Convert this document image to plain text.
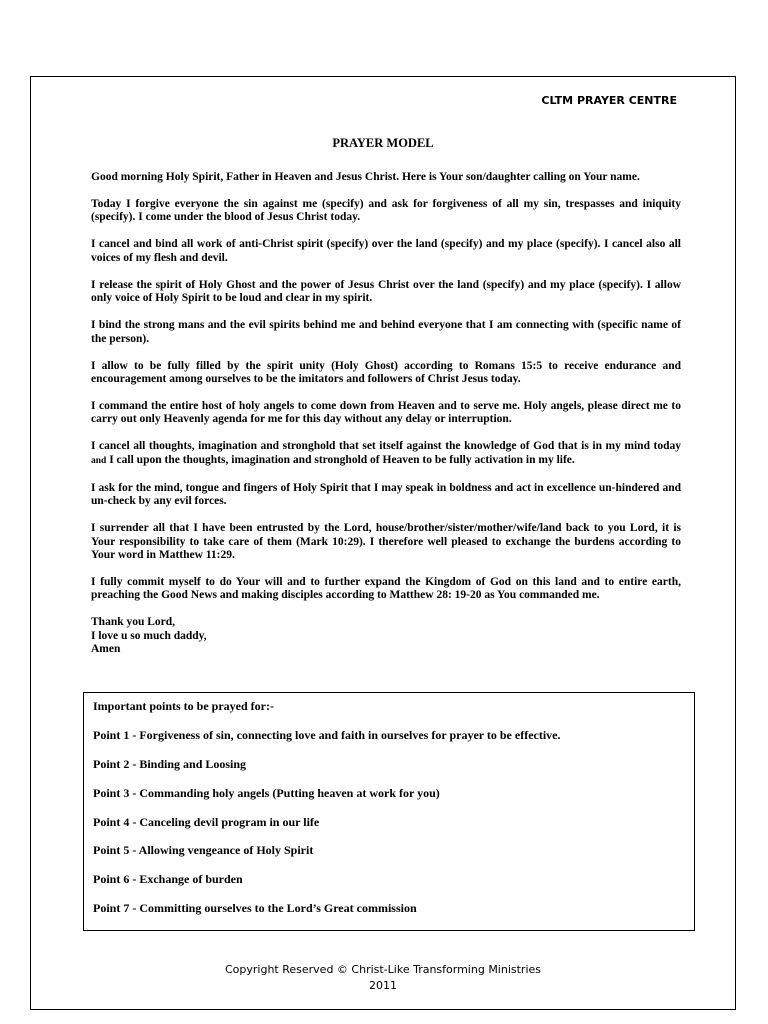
CLTM PRAYER CENTRE
PRAYER MODEL

Good morning Holy Spirit, Father in Heaven and Jesus Christ. Here is Your son/daughter calling on Your name.

Today I forgive everyone the sin against me (specify) and ask for forgiveness of all my sin, trespasses and iniquity (specify). I come under the blood of Jesus Christ today.

I cancel and bind all work of anti-Christ spirit (specify) over the land (specify) and my place (specify). I cancel also all voices of my flesh and devil.

I release the spirit of Holy Ghost and the power of Jesus Christ over the land (specify) and my place (specify). I allow only voice of Holy Spirit to be loud and clear in my spirit.

I bind the strong mans and the evil spirits behind me and behind everyone that I am connecting with (specific name of the person).

I allow to be fully filled by the spirit unity (Holy Ghost) according to Romans 15:5 to receive endurance and encouragement among ourselves to be the imitators and followers of Christ Jesus today.

I command the entire host of holy angels to come down from Heaven and to serve me. Holy angels, please direct me to carry out only Heavenly agenda for me for this day without any delay or interruption.

I cancel all thoughts, imagination and stronghold that set itself against the knowledge of God that is in my mind today and I call upon the thoughts, imagination and stronghold of Heaven to be fully activation in my life.

I ask for the mind, tongue and fingers of Holy Spirit that I may speak in boldness and act in excellence un-hindered and un-check by any evil forces.

I surrender all that I have been entrusted by the Lord, house/brother/sister/mother/wife/land back to you Lord, it is Your responsibility to take care of them (Mark 10:29). I therefore well pleased to exchange the burdens according to Your word in Matthew 11:29.

I fully commit myself to do Your will and to further expand the Kingdom of God on this land and to entire earth, preaching the Good News and making disciples according to Matthew 28: 19-20 as You commanded me.

Thank you Lord,
I love u so much daddy,
Amen
Important points to be prayed for:-
Point 1 - Forgiveness of sin, connecting love and faith in ourselves for prayer to be effective.
Point 2 - Binding and Loosing
Point 3 - Commanding holy angels (Putting heaven at work for you)
Point 4 - Canceling devil program in our life
Point 5 - Allowing vengeance of Holy Spirit
Point 6 - Exchange of burden
Point 7 - Committing ourselves to the Lord’s Great commission
Copyright Reserved © Christ-Like Transforming Ministries
2011
